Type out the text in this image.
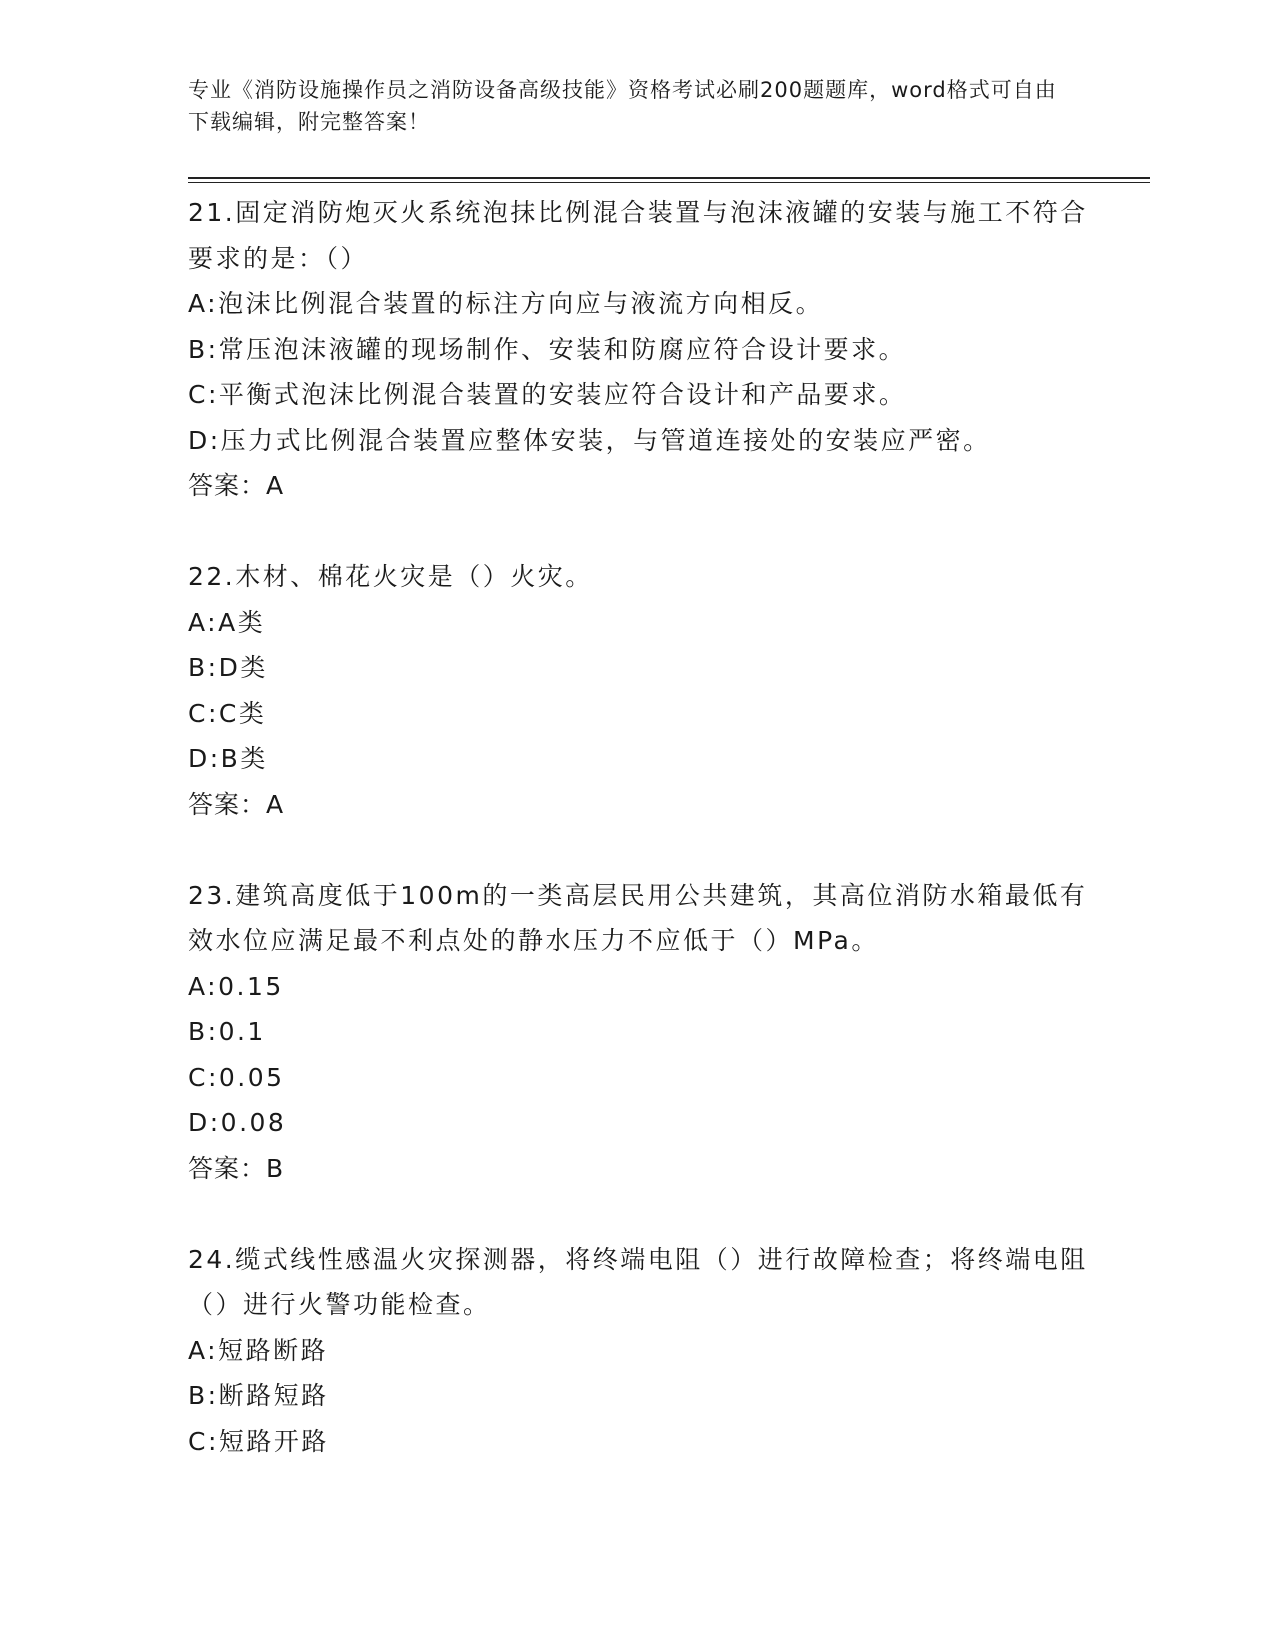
专业《消防设施操作员之消防设备高级技能》资格考试必刷200题题库，word格式可自由下载编辑，附完整答案！
21.固定消防炮灭火系统泡抹比例混合装置与泡沫液罐的安装与施工不符合要求的是：（）
A:泡沫比例混合装置的标注方向应与液流方向相反。
B:常压泡沫液罐的现场制作、安装和防腐应符合设计要求。
C:平衡式泡沫比例混合装置的安装应符合设计和产品要求。
D:压力式比例混合装置应整体安装，与管道连接处的安装应严密。
答案：A
22.木材、棉花火灾是（）火灾。
A:A类
B:D类
C:C类
D:B类
答案：A
23.建筑高度低于100m的一类高层民用公共建筑，其高位消防水箱最低有效水位应满足最不利点处的静水压力不应低于（）MPa。
A:0.15
B:0.1
C:0.05
D:0.08
答案：B
24.缆式线性感温火灾探测器，将终端电阻（）进行故障检查；将终端电阻（）进行火警功能检查。
A:短路断路
B:断路短路
C:短路开路
